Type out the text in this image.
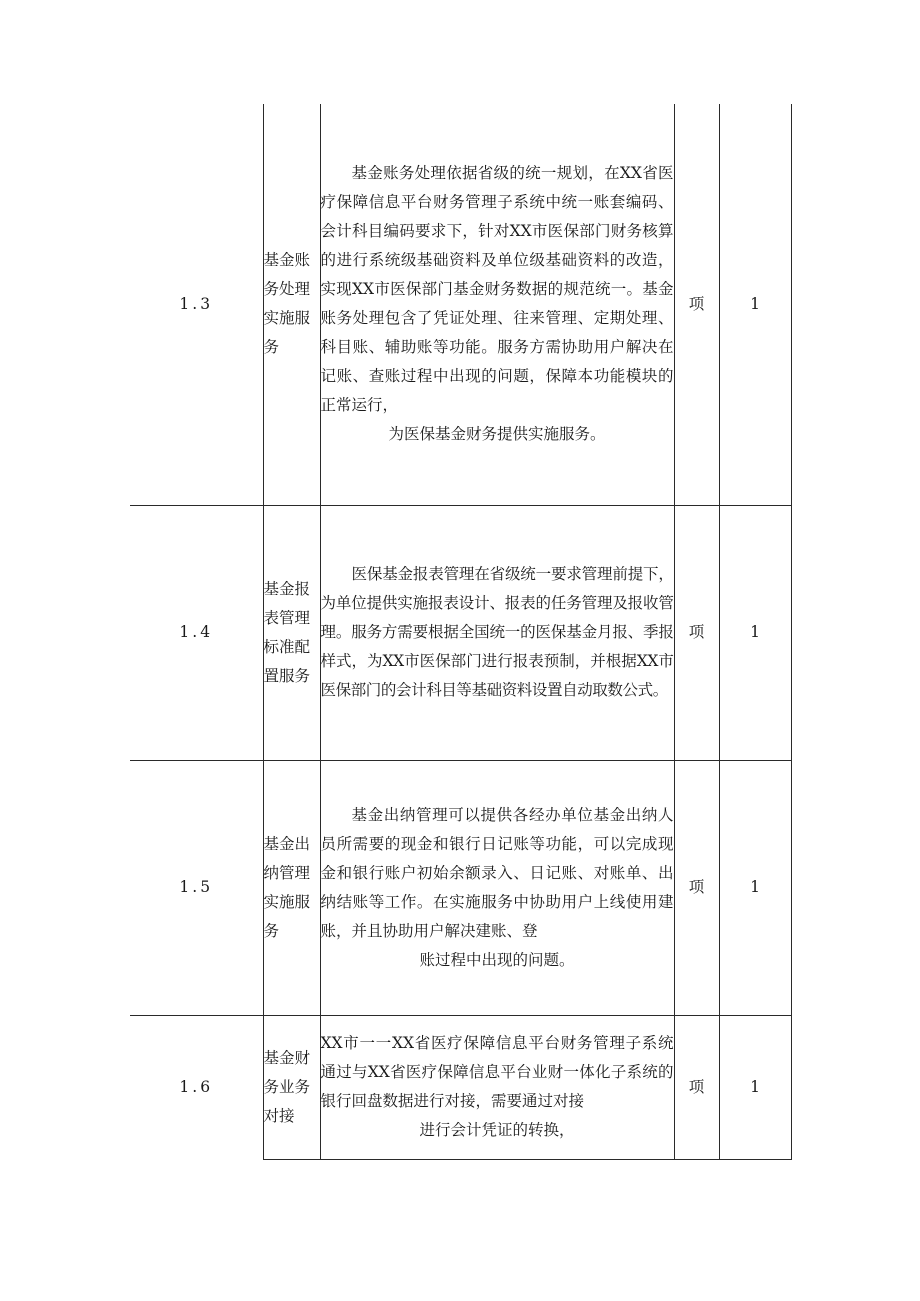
1.3	基金账务处理实施服务	基金账务处理依据省级的统一规划，在XX省医疗保障信息平台财务管理子系统中统一账套编码、会计科目编码要求下，针对XX市医保部门财务核算的进行系统级基础资料及单位级基础资料的改造，实现XX市医保部门基金财务数据的规范统一。基金账务处理包含了凭证处理、往来管理、定期处理、科目账、辅助账等功能。服务方需协助用户解决在记账、查账过程中出现的问题，保障本功能模块的正常运行，
为医保基金财务提供实施服务。	项	1
1.4	基金报表管理标准配置服务	医保基金报表管理在省级统一要求管理前提下，为单位提供实施报表设计、报表的任务管理及报收管理。服务方需要根据全国统一的医保基金月报、季报样式，为XX市医保部门进行报表预制，并根据XX市医保部门的会计科目等基础资料设置自动取数公式。	项	1
1.5	基金出纳管理实施服务	基金出纳管理可以提供各经办单位基金出纳人员所需要的现金和银行日记账等功能，可以完成现金和银行账户初始余额录入、日记账、对账单、出纳结账等工作。在实施服务中协助用户上线使用建账，并且协助用户解决建账、登
账过程中出现的问题。	项	1
1.6	基金财务业务对接	XX市一一XX省医疗保障信息平台财务管理子系统通过与XX省医疗保障信息平台业财一体化子系统的银行回盘数据进行对接，需要通过对接
进行会计凭证的转换，	项	1
